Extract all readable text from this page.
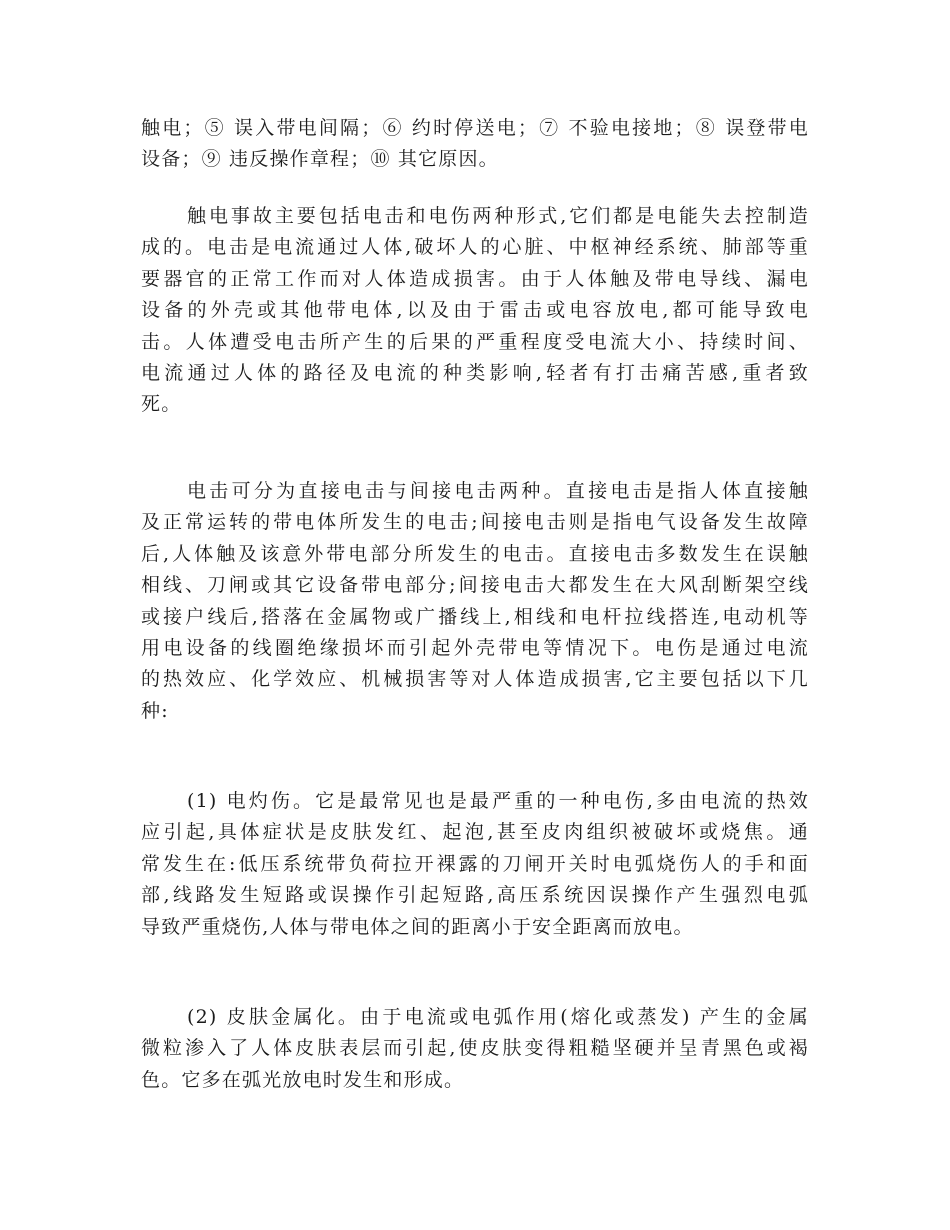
触电；⑤ 误入带电间隔；⑥ 约时停送电；⑦ 不验电接地；⑧ 误登带电
设备；⑨ 违反操作章程；⑩ 其它原因。
触电事故主要包括电击和电伤两种形式,它们都是电能失去控制造
成的。电击是电流通过人体,破坏人的心脏、中枢神经系统、肺部等重
要器官的正常工作而对人体造成损害。由于人体触及带电导线、漏电
设备的外壳或其他带电体,以及由于雷击或电容放电,都可能导致电
击。人体遭受电击所产生的后果的严重程度受电流大小、持续时间、
电流通过人体的路径及电流的种类影响,轻者有打击痛苦感,重者致
死。
电击可分为直接电击与间接电击两种。直接电击是指人体直接触
及正常运转的带电体所发生的电击;间接电击则是指电气设备发生故障
后,人体触及该意外带电部分所发生的电击。直接电击多数发生在误触
相线、刀闸或其它设备带电部分;间接电击大都发生在大风刮断架空线
或接户线后,搭落在金属物或广播线上,相线和电杆拉线搭连,电动机等
用电设备的线圈绝缘损坏而引起外壳带电等情况下。电伤是通过电流
的热效应、化学效应、机械损害等对人体造成损害,它主要包括以下几
种:
(1) 电灼伤。它是最常见也是最严重的一种电伤,多由电流的热效
应引起,具体症状是皮肤发红、起泡,甚至皮肉组织被破坏或烧焦。通
常发生在:低压系统带负荷拉开裸露的刀闸开关时电弧烧伤人的手和面
部,线路发生短路或误操作引起短路,高压系统因误操作产生强烈电弧
导致严重烧伤,人体与带电体之间的距离小于安全距离而放电。
(2) 皮肤金属化。由于电流或电弧作用(熔化或蒸发) 产生的金属
微粒渗入了人体皮肤表层而引起,使皮肤变得粗糙坚硬并呈青黑色或褐
色。它多在弧光放电时发生和形成。
